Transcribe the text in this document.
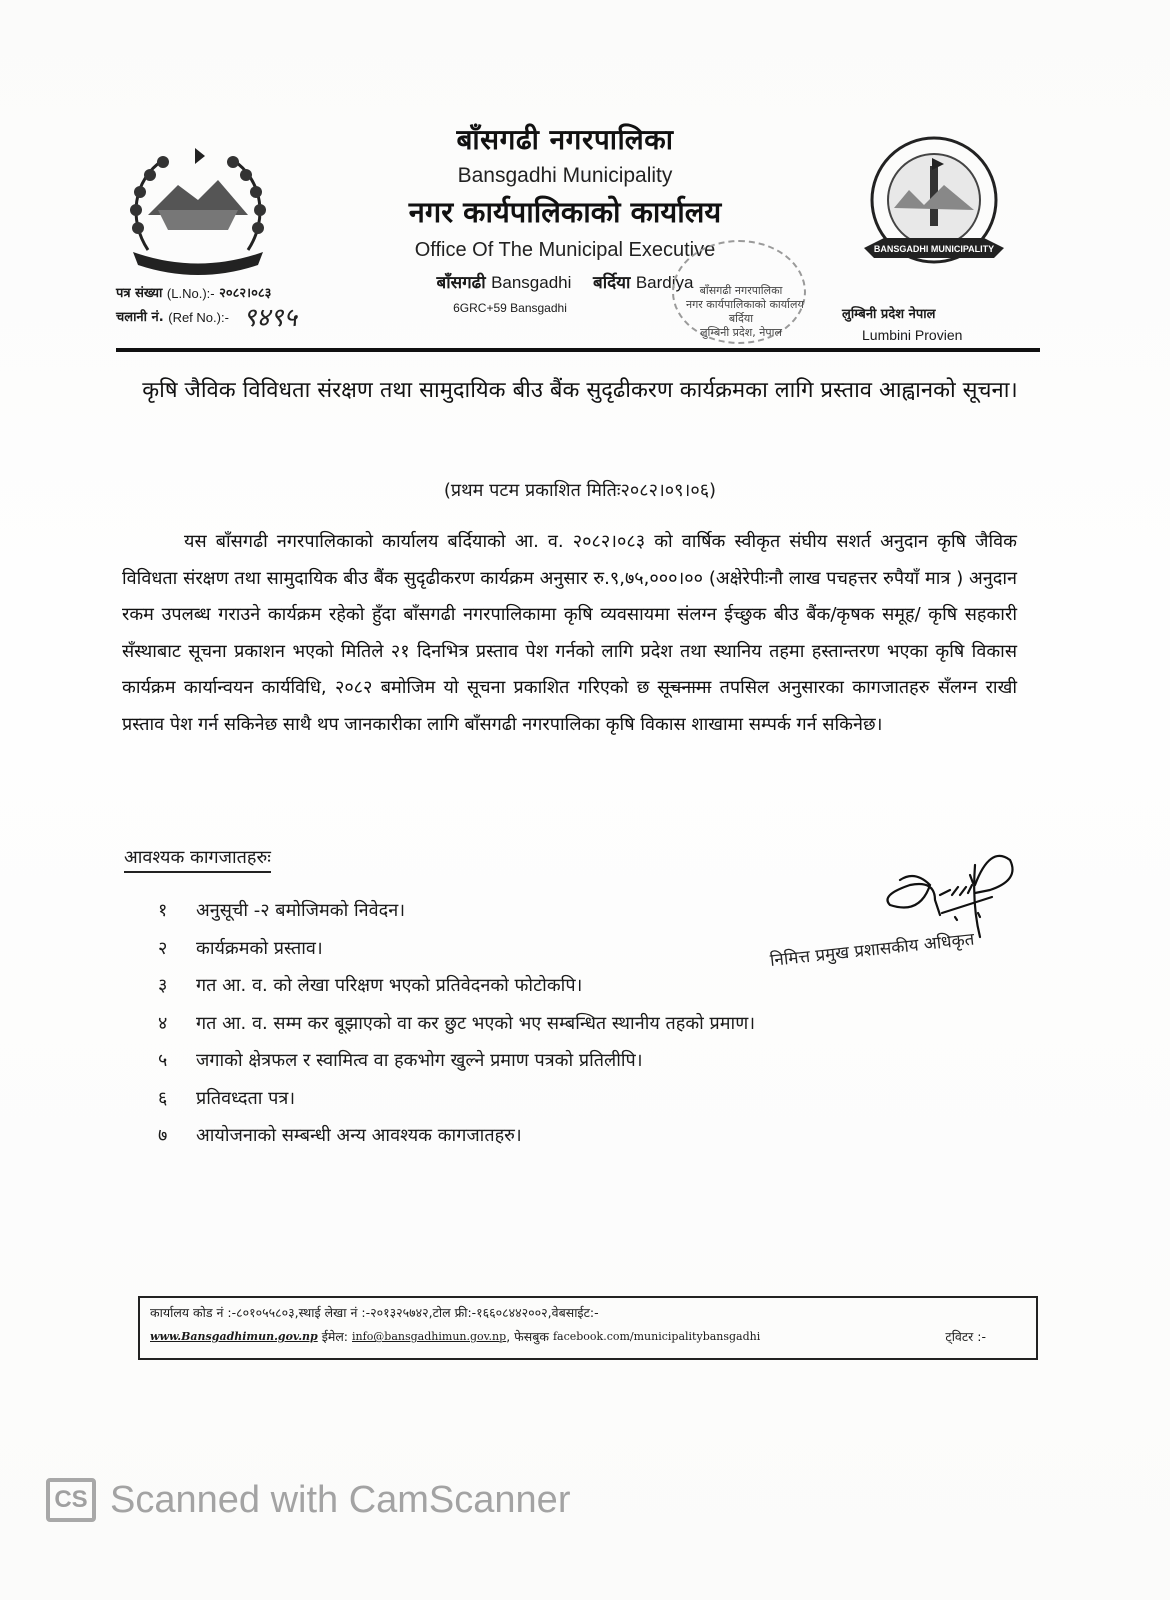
बाँसगढी नगरपालिका
Bansgadhi Municipality
नगर कार्यपालिकाको कार्यालय
Office Of The Municipal Executive
बाँसगढी Bansgadhi बर्दिया Bardiya
6GRC+59 Bansgadhi
BANSGADHI MUNICIPALITY
पत्र संख्या
(L.No.):-
२०८२।०८३
चलानी नं.
(Ref No.):- ९४९५	लुम्बिनी प्रदेश नेपाल
Lumbini Provien
बाँसगढी नगरपालिका
नगर कार्यपालिकाको कार्यालय
बर्दिया
लुम्बिनी प्रदेश, नेपाल
कृषि जैविक विविधता संरक्षण तथा सामुदायिक बीउ बैंक सुदृढीकरण कार्यक्रमका लागि प्रस्ताव आह्वानको सूचना।
(प्रथम पटम प्रकाशित मितिः२०८२।०९।०६)
यस बाँसगढी नगरपालिकाको कार्यालय बर्दियाको आ. व. २०८२।०८३ को वार्षिक स्वीकृत संघीय सशर्त अनुदान कृषि जैविक विविधता संरक्षण तथा सामुदायिक बीउ बैंक सुदृढीकरण कार्यक्रम अनुसार रु.९,७५,०००।०० (अक्षेरेपीःनौ लाख पचहत्तर रुपैयाँ मात्र ) अनुदान रकम उपलब्ध गराउने कार्यक्रम रहेको हुँदा बाँसगढी नगरपालिकामा कृषि व्यवसायमा संलग्न ईच्छुक बीउ बैंक/कृषक समूह/ कृषि सहकारी सँस्थाबाट सूचना प्रकाशन भएको मितिले २१ दिनभित्र प्रस्ताव पेश गर्नको लागि प्रदेश तथा स्थानिय तहमा हस्तान्तरण भएका कृषि विकास कार्यक्रम कार्यान्वयन कार्यविधि, २०८२ बमोजिम यो सूचना प्रकाशित गरिएको छ सूचनामा तपसिल अनुसारका कागजातहरु सँलग्न राखी प्रस्ताव पेश गर्न सकिनेछ साथै थप जानकारीका लागि बाँसगढी नगरपालिका कृषि विकास शाखामा सम्पर्क गर्न सकिनेछ।
आवश्यक कागजातहरुः
१	अनुसूची -२ बमोजिमको निवेदन।
२	कार्यक्रमको प्रस्ताव।
३	गत आ. व. को लेखा परिक्षण भएको प्रतिवेदनको फोटोकपि।
४	गत आ. व. सम्म कर बूझाएको वा कर छुट भएको भए सम्बन्धित स्थानीय तहको प्रमाण।
५	जगाको क्षेत्रफल र स्वामित्व वा हकभोग खुल्ने प्रमाण पत्रको प्रतिलीपि।
६	प्रतिवध्दता पत्र।
७	आयोजनाको सम्बन्धी अन्य आवश्यक कागजातहरु।
निमित्त प्रमुख प्रशासकीय अधिकृत
कार्यालय कोड नं :-८०१०५५८०३,स्थाई लेखा नं :-२०१३२५७४२,टोल फ्री:-१६६०८४४२००२,वेबसाईट:-
www.Bansgadhimun.gov.np
ईमेल:
info@bansgadhimun.gov.np , फेसबुक
facebook.com/municipalitybansgadhi	ट्विटर :-
CS Scanned with CamScanner
